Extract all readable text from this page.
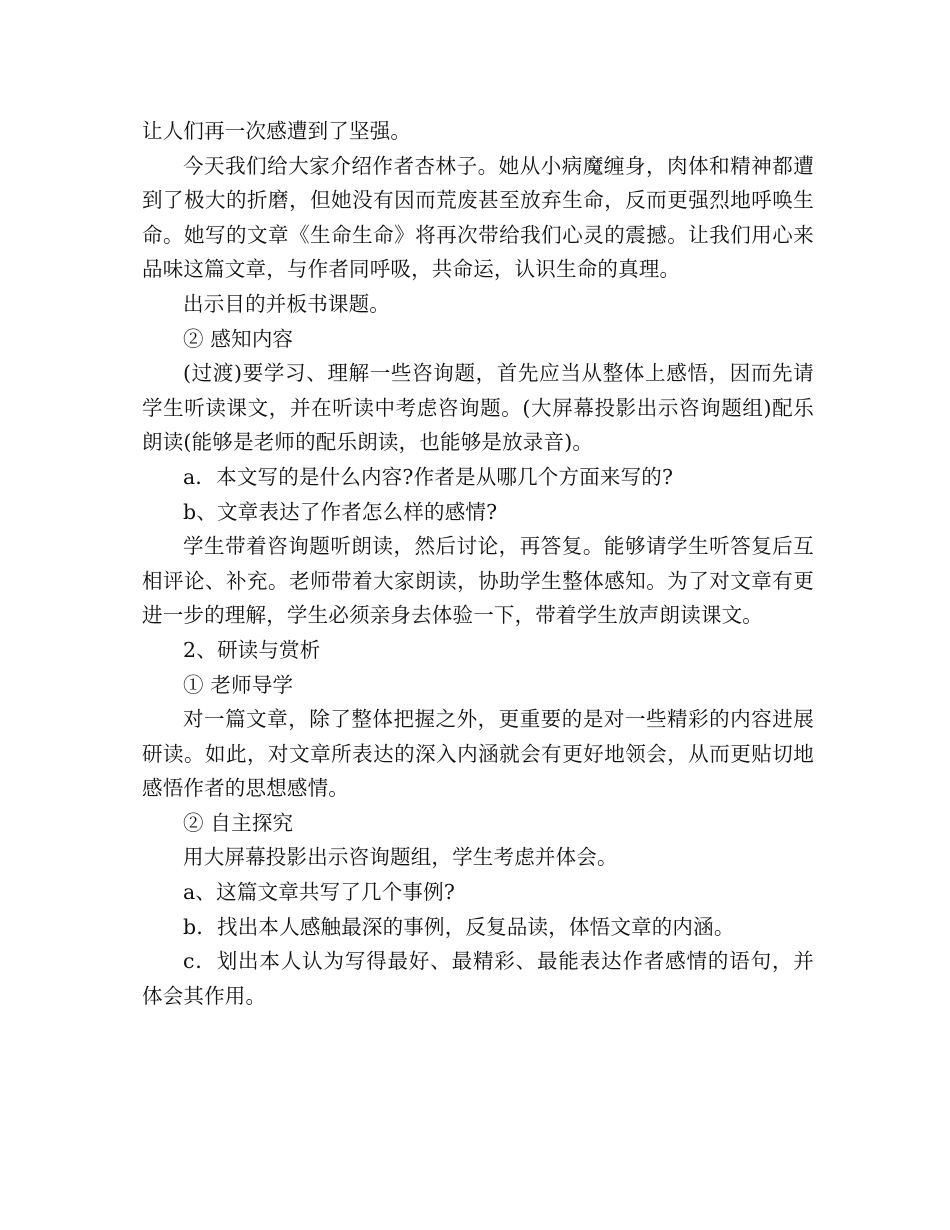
让人们再一次感遭到了坚强。

今天我们给大家介绍作者杏林子。她从小病魔缠身，肉体和精神都遭到了极大的折磨，但她没有因而荒废甚至放弃生命，反而更强烈地呼唤生命。她写的文章《生命生命》将再次带给我们心灵的震撼。让我们用心来品味这篇文章，与作者同呼吸，共命运，认识生命的真理。

出示目的并板书课题。

② 感知内容

(过渡)要学习、理解一些咨询题，首先应当从整体上感悟，因而先请学生听读课文，并在听读中考虑咨询题。(大屏幕投影出示咨询题组)配乐朗读(能够是老师的配乐朗读，也能够是放录音)。

a．本文写的是什么内容?作者是从哪几个方面来写的?

b、文章表达了作者怎么样的感情?

学生带着咨询题听朗读，然后讨论，再答复。能够请学生听答复后互相评论、补充。老师带着大家朗读，协助学生整体感知。为了对文章有更进一步的理解，学生必须亲身去体验一下，带着学生放声朗读课文。

2、研读与赏析

① 老师导学

对一篇文章，除了整体把握之外，更重要的是对一些精彩的内容进展研读。如此，对文章所表达的深入内涵就会有更好地领会，从而更贴切地感悟作者的思想感情。

② 自主探究

用大屏幕投影出示咨询题组，学生考虑并体会。

a、这篇文章共写了几个事例?

b．找出本人感触最深的事例，反复品读，体悟文章的内涵。

c．划出本人认为写得最好、最精彩、最能表达作者感情的语句，并体会其作用。
